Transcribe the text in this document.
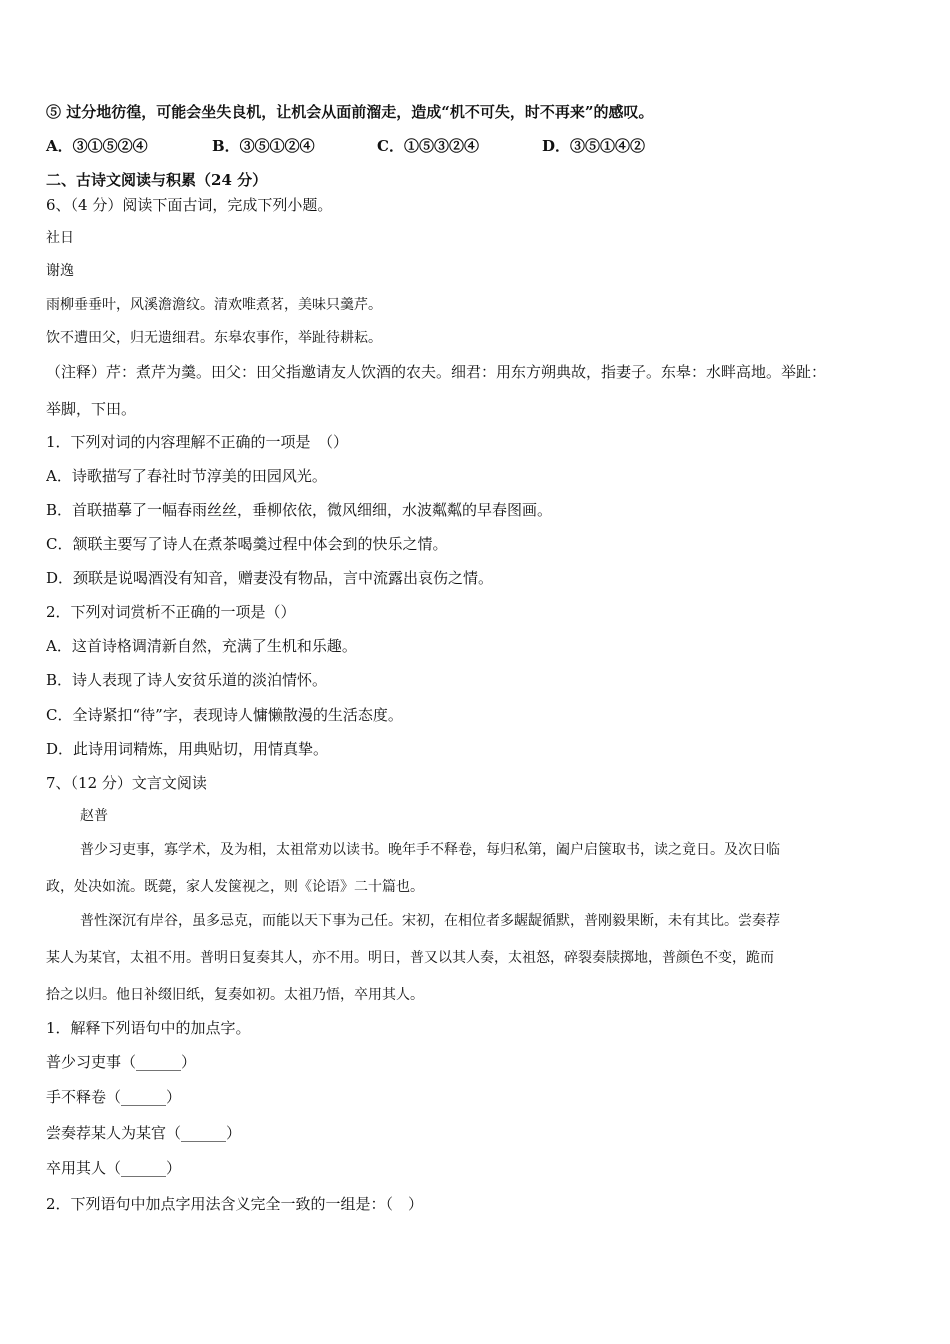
⑤ 过分地彷徨，可能会坐失良机，让机会从面前溜走，造成“机不可失，时不再来”的感叹。
A．③①⑤②④	B．③⑤①②④	C．①⑤③②④	D．③⑤①④②
二、古诗文阅读与积累（24 分）
6、（4 分）阅读下面古词，完成下列小题。
社日
谢逸
雨柳垂垂叶，风溪澹澹纹。清欢唯煮茗，美味只羹芹。
饮不遭田父，归无遗细君。东皋农事作，举趾待耕耘。
（注释）芹：煮芹为羹。田父：田父指邀请友人饮酒的农夫。细君：用东方朔典故，指妻子。东皋：水畔高地。举趾：
举脚，下田。
1．下列对词的内容理解不正确的一项是　（）
A．诗歌描写了春社时节淳美的田园风光。
B．首联描摹了一幅春雨丝丝，垂柳依依，微风细细，水波粼粼的早春图画。
C．颔联主要写了诗人在煮茶喝羹过程中体会到的快乐之情。
D．颈联是说喝酒没有知音，赠妻没有物品，言中流露出哀伤之情。
2．下列对词赏析不正确的一项是（）
A．这首诗格调清新自然，充满了生机和乐趣。
B．诗人表现了诗人安贫乐道的淡泊情怀。
C．全诗紧扣“待”字，表现诗人慵懒散漫的生活态度。
D．此诗用词精炼，用典贴切，用情真挚。
7、（12 分）文言文阅读
赵普
普少习吏事，寡学术，及为相，太祖常劝以读书。晚年手不释卷，每归私第，阖户启箧取书，读之竟日。及次日临
政，处决如流。既薨，家人发箧视之，则《论语》二十篇也。
普性深沉有岸谷，虽多忌克，而能以天下事为己任。宋初，在相位者多龌龊循默，普刚毅果断，未有其比。尝奏荐
某人为某官，太祖不用。普明日复奏其人，亦不用。明日，普又以其人奏，太祖怒，碎裂奏牍掷地，普颜色不变，跪而
拾之以归。他日补缀旧纸，复奏如初。太祖乃悟，卒用其人。
1．解释下列语句中的加点字。
普少习吏事（______）
手不释卷（______）
尝奏荐某人为某官（______）
卒用其人（______）
2．下列语句中加点字用法含义完全一致的一组是：（　）
